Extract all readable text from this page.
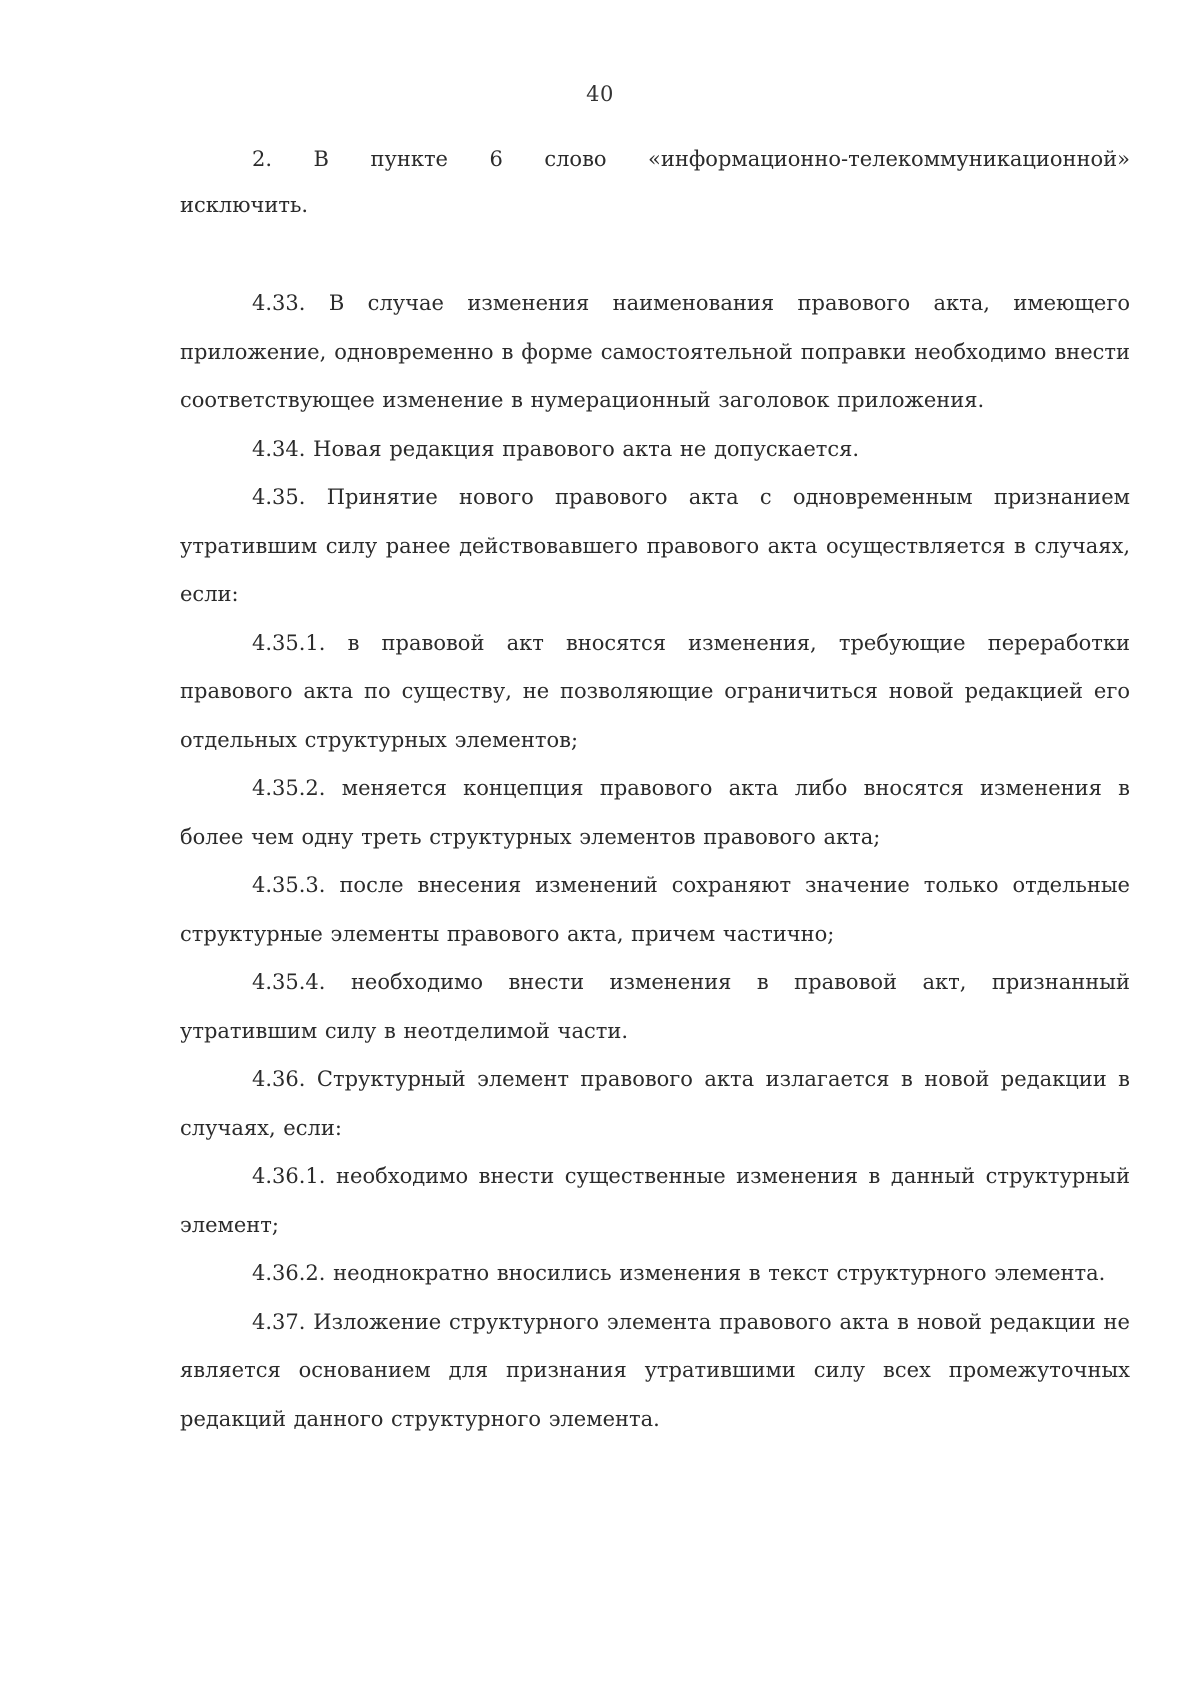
40

2. В пункте 6 слово «информационно-телекоммуникационной» исключить.

4.33. В случае изменения наименования правового акта, имеющего приложение, одновременно в форме самостоятельной поправки необходимо внести соответствующее изменение в нумерационный заголовок приложения.

4.34. Новая редакция правового акта не допускается.

4.35. Принятие нового правового акта с одновременным признанием утратившим силу ранее действовавшего правового акта осуществляется в случаях, если:

4.35.1. в правовой акт вносятся изменения, требующие переработки правового акта по существу, не позволяющие ограничиться новой редакцией его отдельных структурных элементов;

4.35.2. меняется концепция правового акта либо вносятся изменения в более чем одну треть структурных элементов правового акта;

4.35.3. после внесения изменений сохраняют значение только отдельные структурные элементы правового акта, причем частично;

4.35.4. необходимо внести изменения в правовой акт, признанный утратившим силу в неотделимой части.

4.36. Структурный элемент правового акта излагается в новой редакции в случаях, если:

4.36.1. необходимо внести существенные изменения в данный структурный элемент;

4.36.2. неоднократно вносились изменения в текст структурного элемента.

4.37. Изложение структурного элемента правового акта в новой редакции не является основанием для признания утратившими силу всех промежуточных редакций данного структурного элемента.
